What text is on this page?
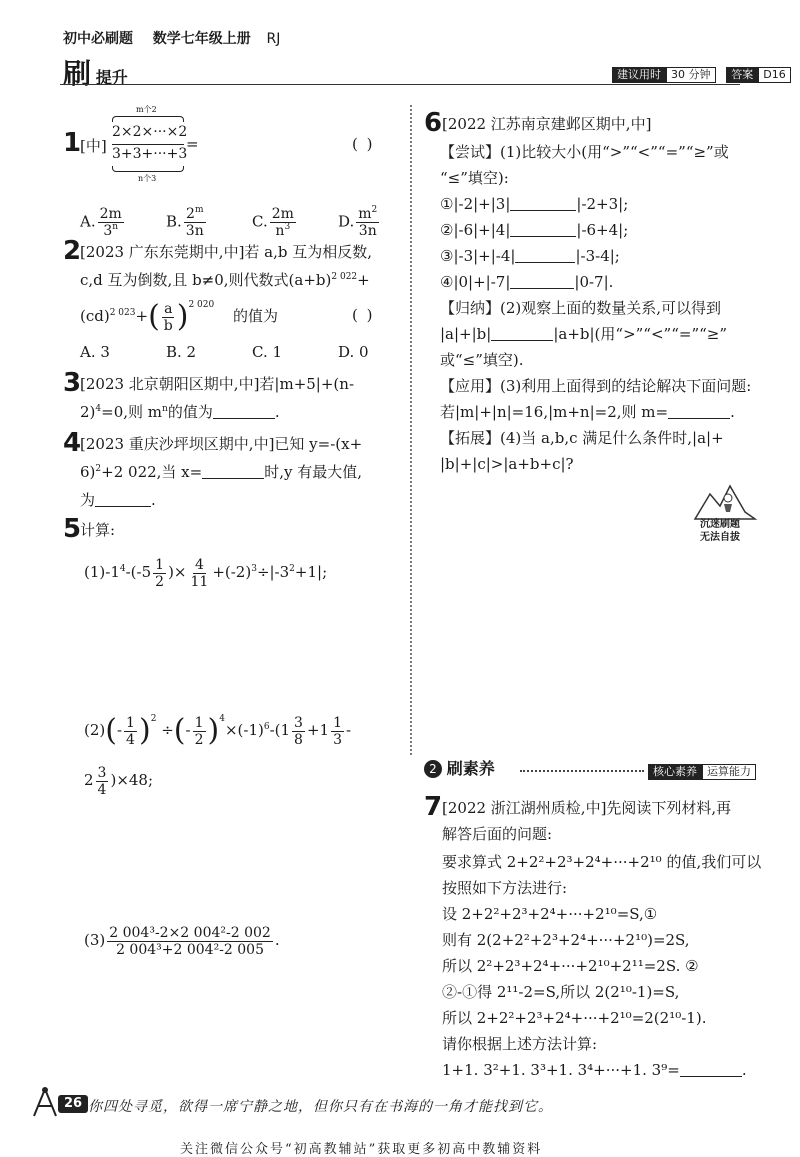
初中必刷题 数学七年级上册 RJ
刷 提升	建议用时 30 分钟 答案 D16
1
[中]
m个2
2×2×···×2
3+3+···+3
n个3
=	( )
A. $\frac{2m}{3^n}$	B. $\frac{2^m}{3n}$	C. $\frac{2m}{n^3}$	D. $\frac{m^2}{3n}$
2
[2023 广东东莞期中,中]若 a,b 互为相反数,
c,d 互为倒数,且 b≠0,则代数式$(a+b)^{2 022}+$
$(cd)^{2 023}+( \frac{a}{b} )^{2 020}$ 的值为	( )
A. 3	B. 2	C. 1	D. 0
3
[2023 北京朝阳区期中,中]若|m+5|+(n-
2)$^4$=0,则 $m^n$的值为	.
4
[2023 重庆沙坪坝区期中,中]已知 y=-(x+
6)$^2$+2 022,当 x=	时,y 有最大值,
为	.
5
计算:
$(1)-1^4-(-5 \frac{1}{2}$ )× $\frac{4}{11} +(-2)^3\div|-3^2+1|$;
$(2)(- \frac{1}{4} )^2$ ÷(- $\frac{1}{2} )^4\times(-1)^6-(1 \frac{3}{8} +1 \frac{1}{3}$ -
$2 \frac{3}{4} )\times 48$;
$(3) \frac{\text{2 004³-2×2 004²-2 002}}{\text{2 004³+2 004²-2 005}}$ .
6 [2022 江苏南京建邺区期中,中]
【尝试】(1)比较大小(用“>”“<”“=”“≥”或
“≤”填空):
①|-2|+|3|	|-2+3|;
②|-6|+|4|	|-6+4|;
③|-3|+|-4|	|-3-4|;
④|0|+|-7|	|0-7|.
【归纳】(2)观察上面的数量关系,可以得到
|a|+|b|	|a+b|(用“>”“<”“=”“≥”
或“≤”填空).
【应用】(3)利用上面得到的结论解决下面问题:
若|m|+|n|=16,|m+n|=2,则 m=	.
【拓展】(4)当 a,b,c 满足什么条件时,|a|+
|b|+|c|>|a+b+c|?
沉迷刷题
无法自拔
2 刷素养	核心素养 运算能力
7 [2022 浙江湖州质检,中]先阅读下列材料,再
解答后面的问题:
要求算式 2+2²+2³+2⁴+···+2¹⁰ 的值,我们可以
按照如下方法进行:
设 2+2²+2³+2⁴+···+2¹⁰=S,①
则有 2(2+2²+2³+2⁴+···+2¹⁰)=2S,
所以 2²+2³+2⁴+···+2¹⁰+2¹¹=2S. ②
②-①得 2¹¹-2=S,所以 2(2¹⁰-1)=S,
所以 2+2²+2³+2⁴+···+2¹⁰=2(2¹⁰-1).
请你根据上述方法计算:
1+1. 3²+1. 3³+1. 3⁴+···+1. 3⁹=	.
26 你四处寻觅，欲得一席宁静之地，但你只有在书海的一角才能找到它。
关注微信公众号“初高教辅站”获取更多初高中教辅资料
